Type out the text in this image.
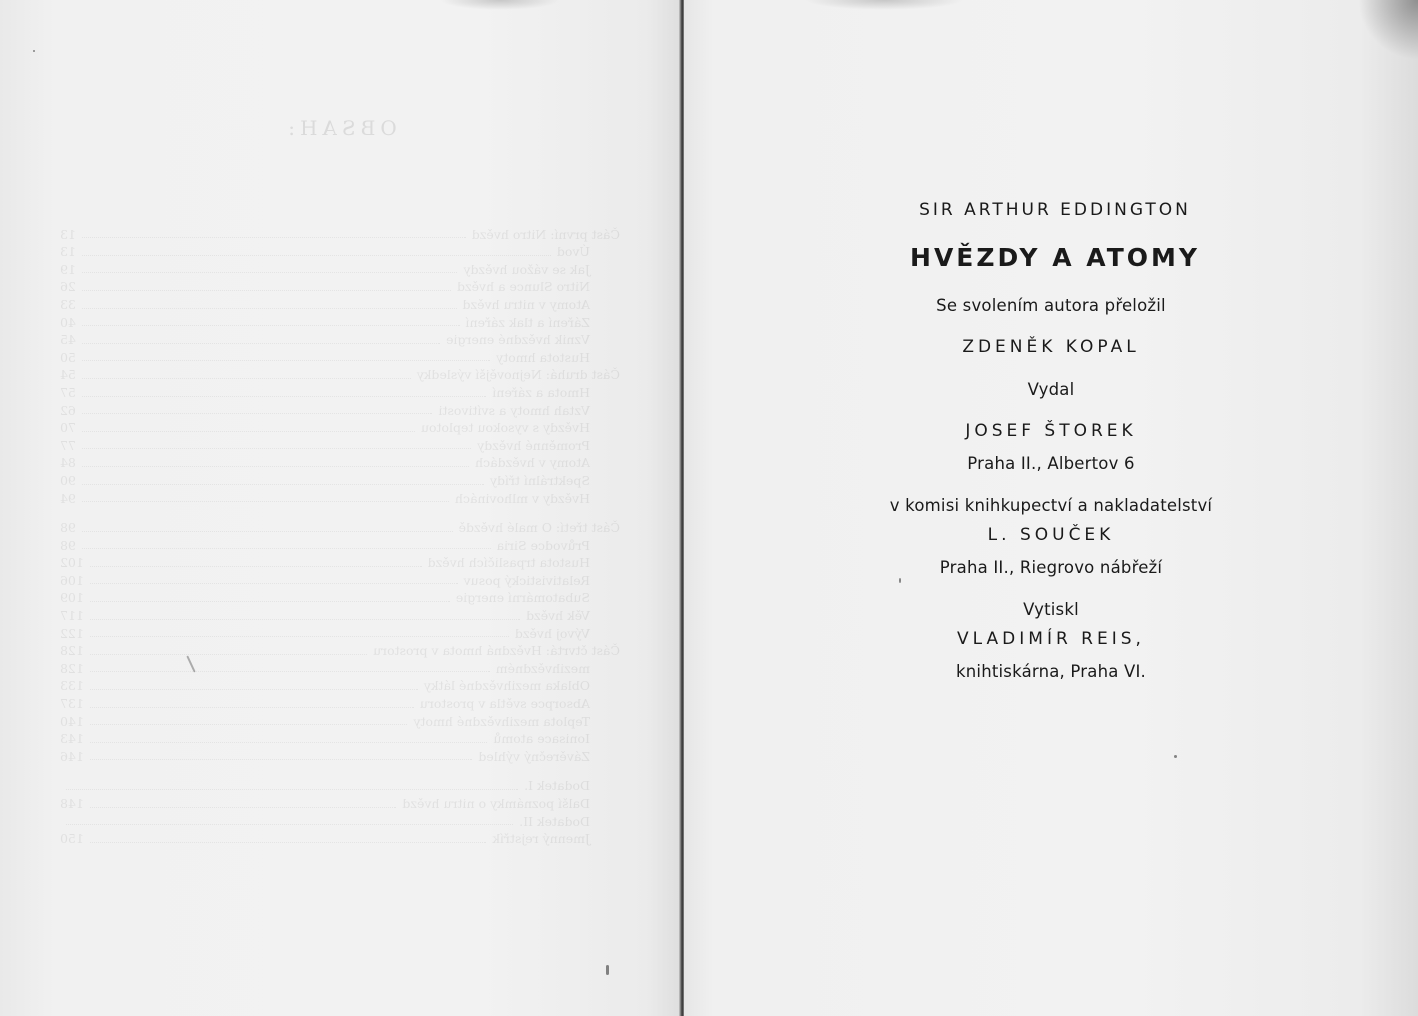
OBSAH:
Část první: Nitro hvězd
13
Úvod
13
Jak se vážou hvězdy
19
Nitro Slunce a hvězd
26
Atomy v nitru hvězd
33
Záření a tlak záření
40
Vznik hvězdné energie
45
Hustota hmoty
50
Část druhá: Nejnovější výsledky
54
Hmota a záření
57
Vztah hmoty a svítivosti
62
Hvězdy s vysokou teplotou
70
Proměnné hvězdy
77
Atomy v hvězdách
84
Spektrální třídy
90
Hvězdy v mlhovinách
94
Část třetí: O malé hvězdě
98
Průvodce Siria
98
Hustota trpasličích hvězd
102
Relativistický posuv
106
Subatomární energie
109
Věk hvězd
117
Vývoj hvězd
122
Část čtvrtá: Hvězdná hmota v prostoru
128
mezihvězdném
128
Oblaka mezihvězdné látky
133
Absorpce světla v prostoru
137
Teplota mezihvězdné hmoty
140
Ionisace atomů
143
Závěrečný výhled
146
Dodatek I.
Další poznámky o nitru hvězd
148
Dodatek II.
Jmenný rejstřík
150
SIR ARTHUR EDDINGTON
HVĚZDY A ATOMY
Se svolením autora přeložil
ZDENĚK KOPAL
Vydal
JOSEF ŠTOREK
Praha II., Albertov 6
v komisi knihkupectví a nakladatelství
L. SOUČEK
Praha II., Riegrovo nábřeží
Vytiskl
VLADIMÍR REIS,
knihtiskárna, Praha VI.
